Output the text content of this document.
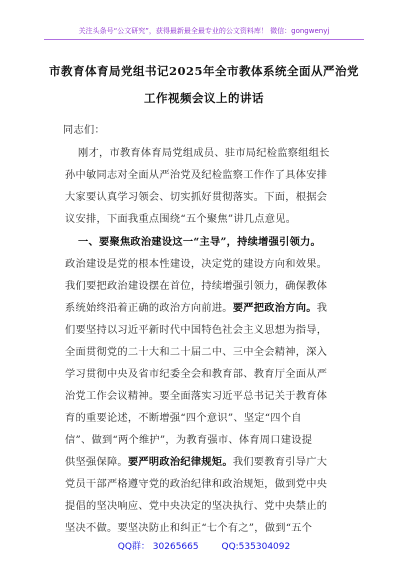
关注头条号“公文研究”，获得最新最全最专业的公文资料库！ 微信：gongwenyj
市教育体育局党组书记2025年全市教体系统全面从严治党
工作视频会议上的讲话
同志们：
刚才，市教育体育局党组成员、驻市局纪检监察组组长
孙中敏同志对全面从严治党及纪检监察工作作了具体安排
大家要认真学习领会、切实抓好贯彻落实。下面，根据会
议安排，下面我重点围绕“五个聚焦”讲几点意见。
一、要聚焦政治建设这一“主导”，持续增强引领力。
政治建设是党的根本性建设，决定党的建设方向和效果。
我们要把政治建设摆在首位，持续增强引领力，确保教体
系统始终沿着正确的政治方向前进。要严把政治方向。我
们要坚持以习近平新时代中国特色社会主义思想为指导，
全面贯彻党的二十大和二十届二中、三中全会精神，深入
学习贯彻中央及省市纪委全会和教育部、教育厅全面从严
治党工作会议精神。要全面落实习近平总书记关于教育体
育的重要论述，不断增强“四个意识”、坚定“四个自
信”、做到“两个维护”，为教育强市、体育周口建设提
供坚强保障。要严明政治纪律规矩。我们要教育引导广大
党员干部严格遵守党的政治纪律和政治规矩，做到党中央
提倡的坚决响应、党中央决定的坚决执行、党中央禁止的
坚决不做。要坚决防止和纠正“七个有之”，做到“五个
QQ群： 30265665	QQ:535304092
